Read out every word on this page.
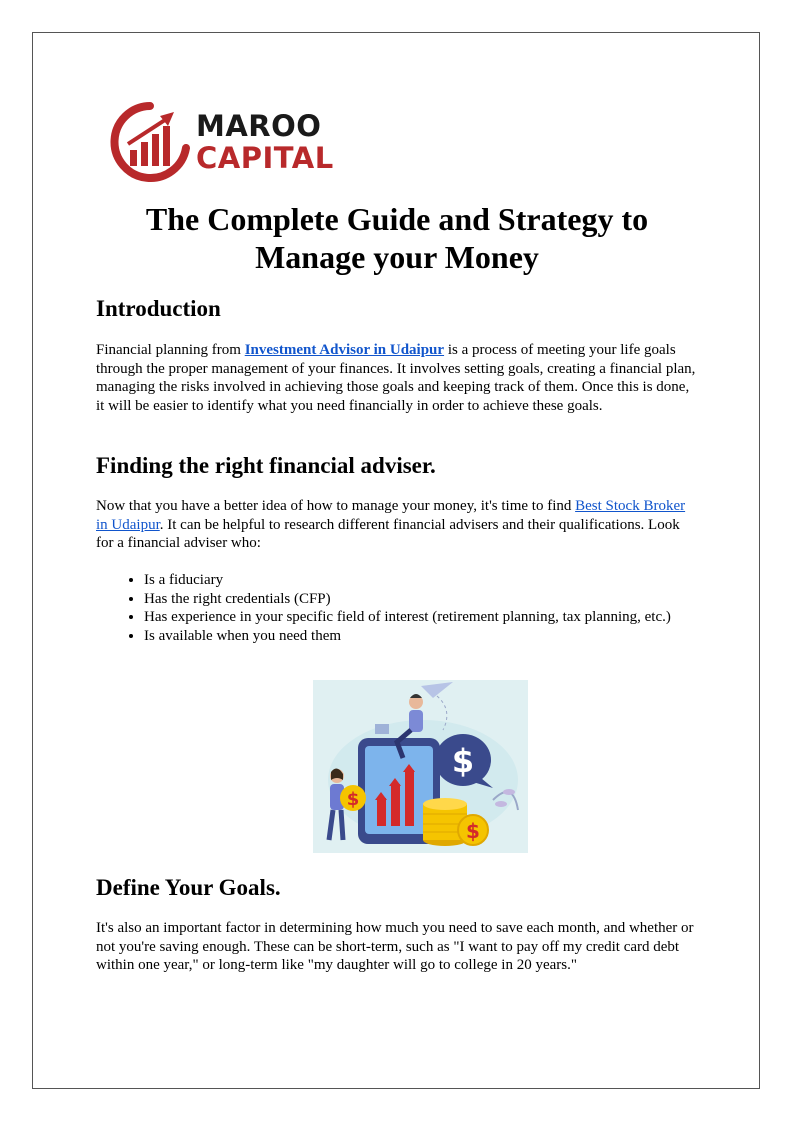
MAROO
CAPITAL
The Complete Guide and Strategy to Manage your Money
Introduction

Financial planning from Investment Advisor in Udaipur is a process of meeting your life goals through the proper management of your finances. It involves setting goals, creating a financial plan, managing the risks involved in achieving those goals and keeping track of them. Once this is done, it will be easier to identify what you need financially in order to achieve these goals.

Finding the right financial adviser.

Now that you have a better idea of how to manage your money, it's time to find Best Stock Broker in Udaipur. It can be helpful to research different financial advisers and their qualifications. Look for a financial adviser who:

• Is a fiduciary
• Has the right credentials (CFP)
• Has experience in your specific field of interest (retirement planning, tax planning, etc.)
• Is available when you need them
$
$
$
Define Your Goals.

It's also an important factor in determining how much you need to save each month, and whether or not you're saving enough. These can be short-term, such as "I want to pay off my credit card debt within one year," or long-term like "my daughter will go to college in 20 years."
